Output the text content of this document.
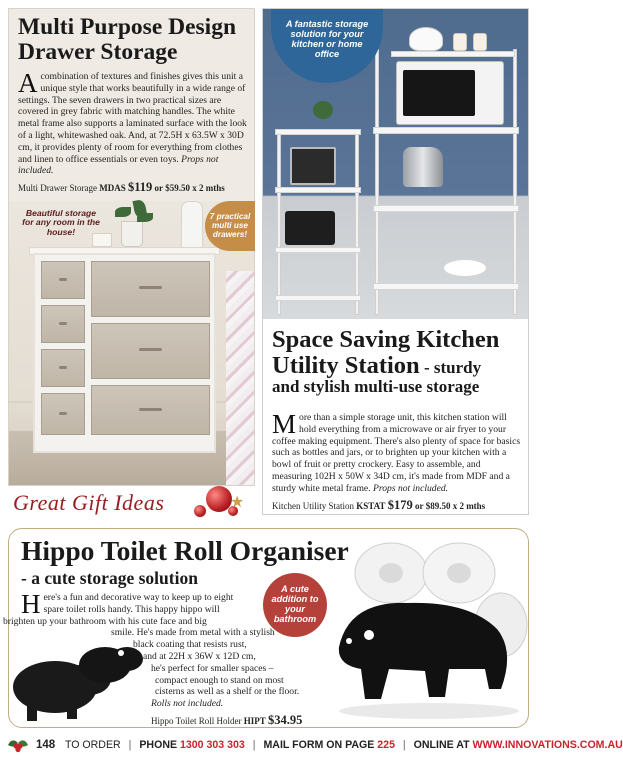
Multi Purpose Design
Drawer Storage
Acombination of textures and finishes gives this unit a unique style that works beautifully in a wide range of settings. The seven drawers in two practical sizes are covered in grey fabric with matching handles. The white metal frame also supports a laminated surface with the look of a light, whitewashed oak. And, at 72.5H x 63.5W x 30D cm, it provides plenty of room for everything from clothes and linen to office essentials or even toys. Props not included.
Multi Drawer Storage MDAS $119 or $59.50 x 2 mths
Beautiful storage for any room in the house!
7 practical multi use drawers!
A fantastic storage solution for your kitchen or home office
Space Saving Kitchen
Utility Station - sturdy
and stylish multi-use storage
More than a simple storage unit, this kitchen station will hold everything from a microwave or air fryer to your coffee making equipment. There's also plenty of space for basics such as bottles and jars, or to brighten up your kitchen with a bowl of fruit or pretty crockery. Easy to assemble, and measuring 102H x 50W x 34D cm, it's made from MDF and a sturdy white metal frame. Props not included.
Kitchen Utility Station KSTAT $179 or $89.50 x 2 mths
Great Gift Ideas	★
Hippo Toilet Roll Organiser
- a cute storage solution
Here's a fun and decorative way to keep up to eight
spare toilet rolls handy. This happy hippo will
brighten up your bathroom with his cute face and big
smile. He's made from metal with a stylish
black coating that resists rust,
and at 22H x 36W x 12D cm,
he's perfect for smaller spaces –
compact enough to stand on most
cisterns as well as a shelf or the floor.
Rolls not included.
Hippo Toilet Roll Holder HIPT $34.95
A cute addition to your bathroom
148 TO ORDER | PHONE 1300 303 303 | MAIL FORM ON PAGE 225 | ONLINE AT WWW.INNOVATIONS.COM.AU
